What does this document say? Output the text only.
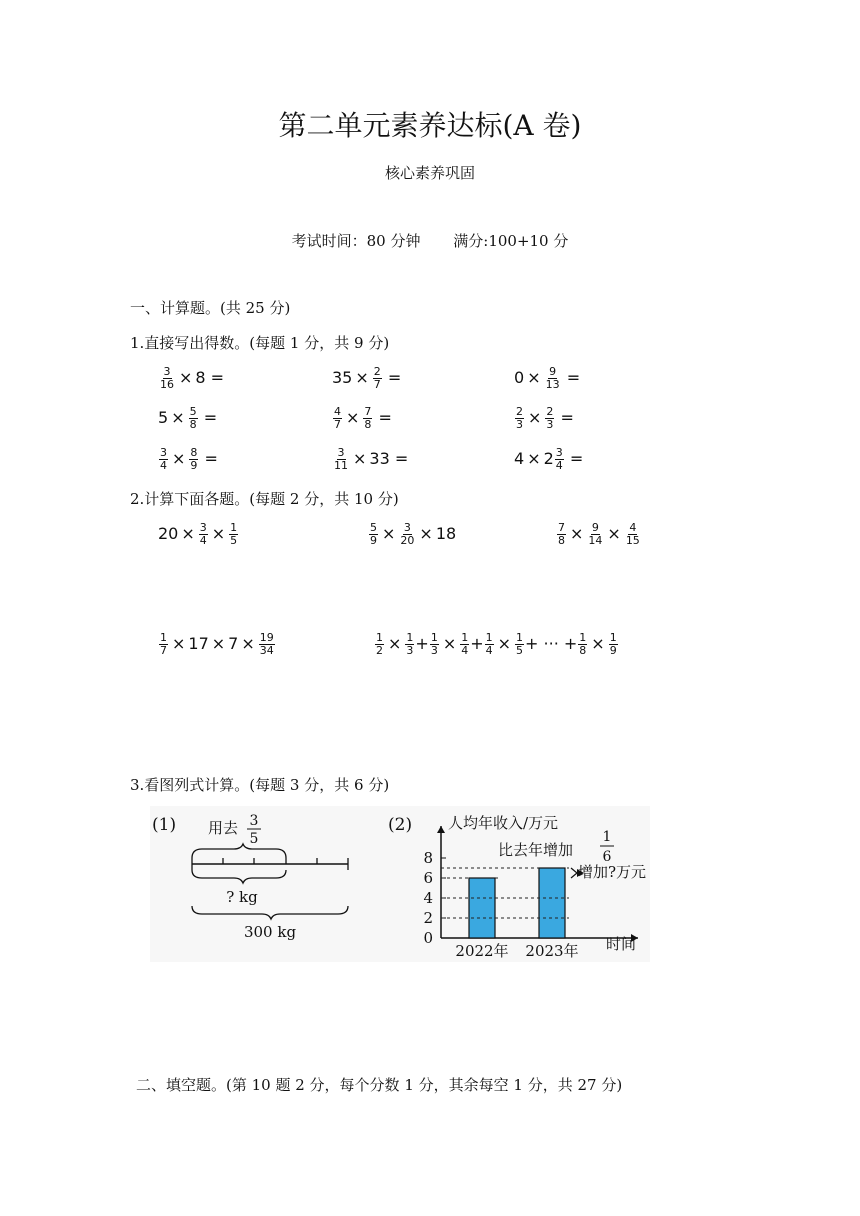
第二单元素养达标(A 卷)
核心素养巩固
考试时间：80 分钟 满分:100+10 分
一、计算题。(共 25 分)
1.直接写出得数。(每题 1 分，共 9 分)
$\frac{3}{16} \times 8$ =	$35 \times \frac{2}{7}$ =	$0 \times \frac{9}{13}$ =
$5 \times \frac{5}{8}$ =	$\frac{4}{7} \times \frac{7}{8}$ =	$\frac{2}{3} \times \frac{2}{3}$ =
$\frac{3}{4} \times \frac{8}{9}$ =	$\frac{3}{11} \times 33$ =	$4 \times 2 \frac{3}{4}$ =
2.计算下面各题。(每题 2 分，共 10 分)
$20 \times \frac{3}{4} \times \frac{1}{5}$	$\frac{5}{9} \times \frac{3}{20} \times 18$	$\frac{7}{8} \times \frac{9}{14} \times \frac{4}{15}$
$\frac{1}{7} \times 17 \times 7 \times \frac{19}{34}$	$\frac{1}{2} \times \frac{1}{3} + \frac{1}{3} \times \frac{1}{4} + \frac{1}{4} \times \frac{1}{5}$ + ··· + $\frac{1}{8} \times \frac{1}{9}$
3.看图列式计算。(每题 3 分，共 6 分)
(1) 用去 3
5
? kg
300 kg
(2) 人均年收入/万元
比去年增加
1
6
0
2
4
6
8
2022年 2023年
增加?万元
时间
二、填空题。(第 10 题 2 分，每个分数 1 分，其余每空 1 分，共 27 分)
